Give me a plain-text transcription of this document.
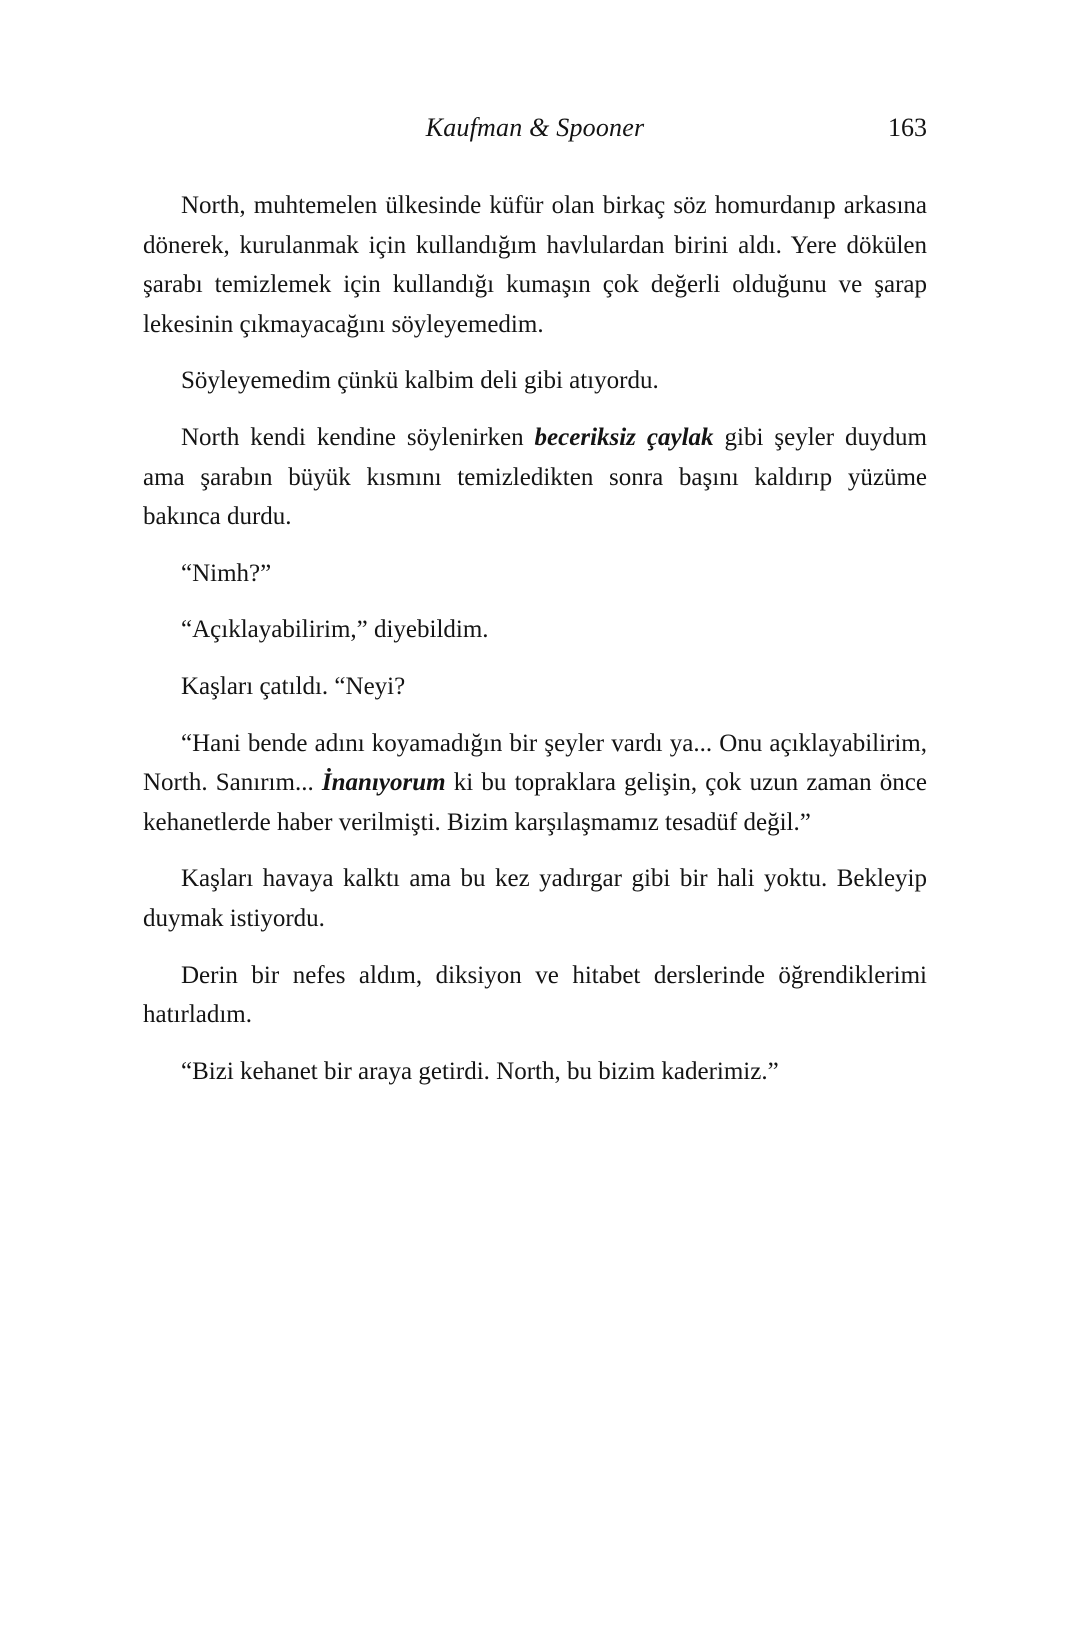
Kaufman & Spooner	163

North, muhtemelen ülkesinde küfür olan birkaç söz homurdanıp arkasına dönerek, kurulanmak için kullandığım havlulardan birini aldı. Yere dökülen şarabı temizlemek için kullandığı kumaşın çok değerli olduğunu ve şarap lekesinin çıkmayacağını söyleyemedim.

Söyleyemedim çünkü kalbim deli gibi atıyordu.

North kendi kendine söylenirken beceriksiz çaylak gibi şeyler duydum ama şarabın büyük kısmını temizledikten sonra başını kaldırıp yüzüme bakınca durdu.

“Nimh?”

“Açıklayabilirim,” diyebildim.

Kaşları çatıldı. “Neyi?

“Hani bende adını koyamadığın bir şeyler vardı ya... Onu açıklayabilirim, North. Sanırım... İnanıyorum ki bu topraklara gelişin, çok uzun zaman önce kehanetlerde haber verilmişti. Bizim karşılaşmamız tesadüf değil.”

Kaşları havaya kalktı ama bu kez yadırgar gibi bir hali yoktu. Bekleyip duymak istiyordu.

Derin bir nefes aldım, diksiyon ve hitabet derslerinde öğrendiklerimi hatırladım.

“Bizi kehanet bir araya getirdi. North, bu bizim kaderimiz.”
